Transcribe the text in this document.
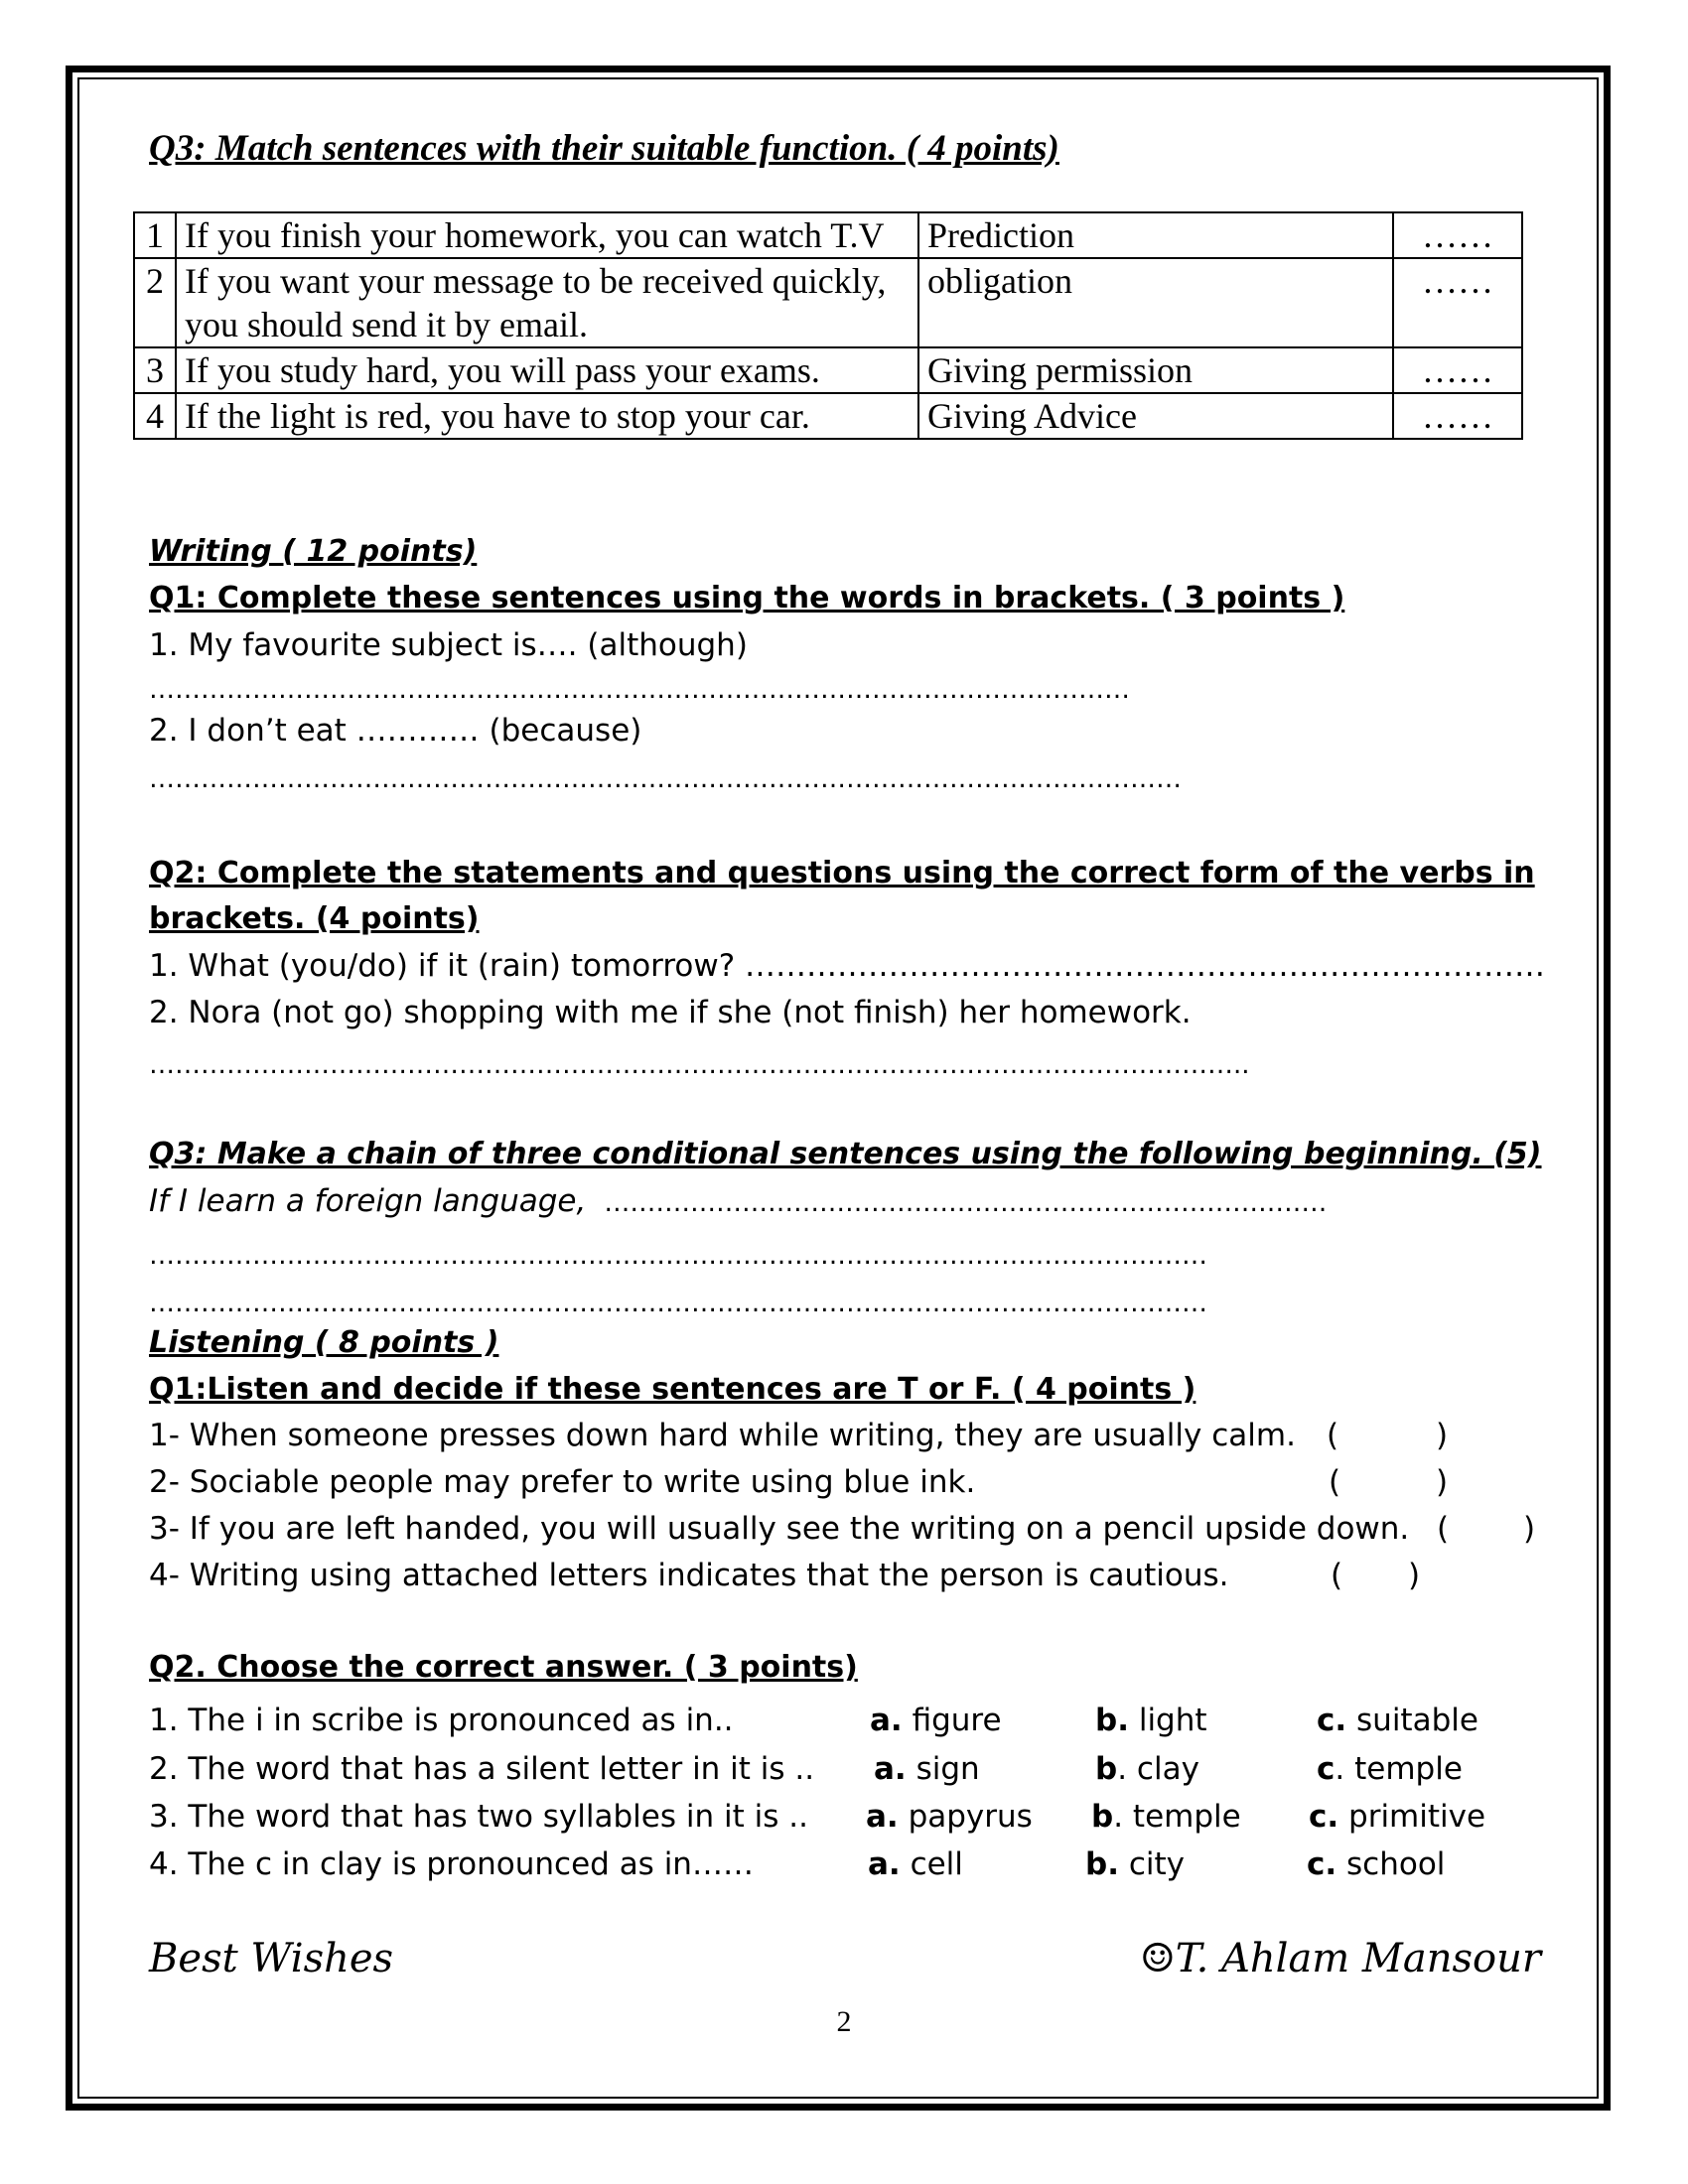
Q3: Match sentences with their suitable function. ( 4 points)
1	If you finish your homework, you can watch T.V	Prediction	……
2	If you want your message to be received quickly, you should send it by email.	obligation	……
3	If you study hard, you will pass your exams.	Giving permission	……
4	If the light is red, you have to stop your car.	Giving Advice	……
Writing ( 12 points)
Q1: Complete these sentences using the words in brackets. ( 3 points )
1. My favourite subject is…. (although)
……………………………………………………………………………………………………
2. I don’t eat ………… (because)
…………………………………………………………………………………………………………
Q2: Complete the statements and questions using the correct form of the verbs in
brackets. (4 points)
1. What (you/do) if it (rain) tomorrow? ……………………………………………………………………
2. Nora (not go) shopping with me if she (not finish) her homework.
………………………………………………………………………………………………………………..
Q3: Make a chain of three conditional sentences using the following beginning. (5)
If I learn a foreign language, …………………………………………………………………………
……………………………………………………………………………………………………………
……………………………………………………………………………………………………………
Listening ( 8 points )
Q1:Listen and decide if these sentences are T or F. ( 4 points )
1- When someone presses down hard while writing, they are usually calm. (	)
2- Sociable people may prefer to write using blue ink.	(	)
3- If you are left handed, you will usually see the writing on a pencil upside down. ( )
4- Writing using attached letters indicates that the person is cautious.	( )
Q2. Choose the correct answer. ( 3 points)
1. The i in scribe is pronounced as in..	a. figure	b. light	c. suitable
2. The word that has a silent letter in it is .. a. sign	b. clay	c. temple
3. The word that has two syllables in it is .. a. papyrus b. temple c. primitive
4. The c in clay is pronounced as in……	a. cell	b. city	c. school
Best Wishes	☺T. Ahlam Mansour
2
